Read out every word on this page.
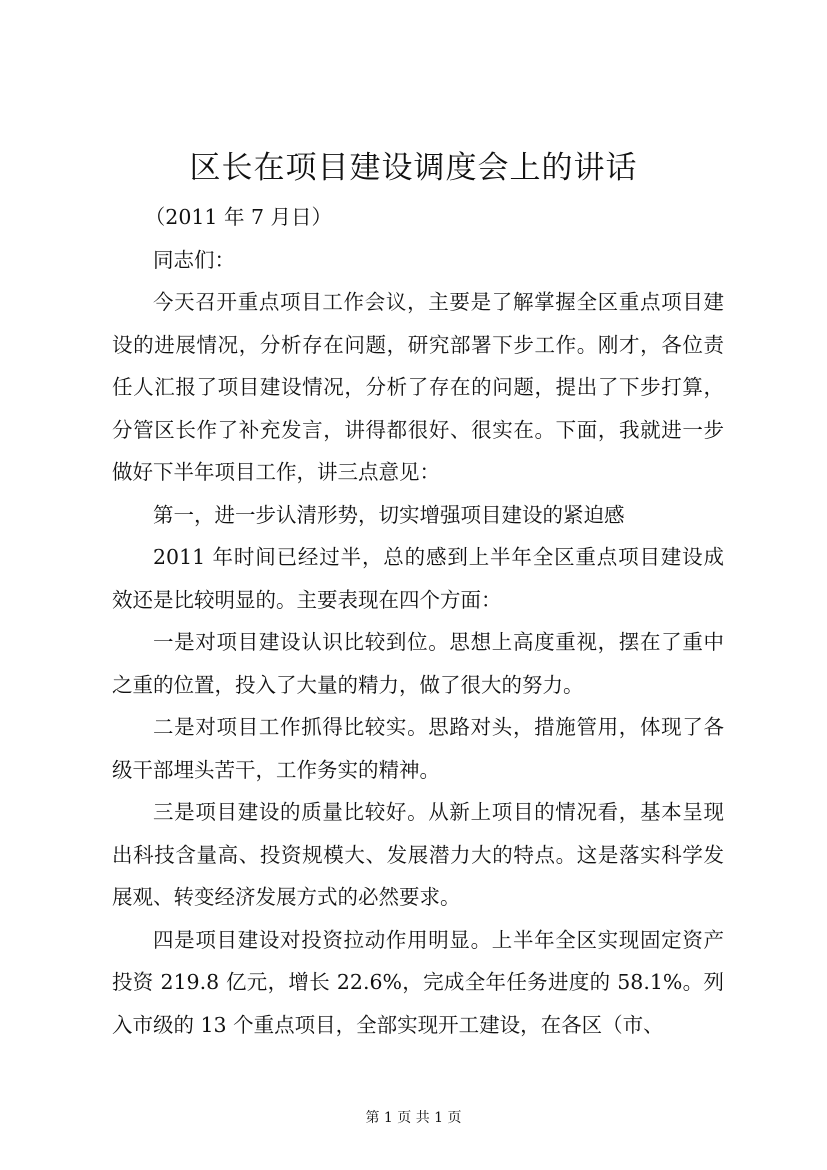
区长在项目建设调度会上的讲话

（2011 年 7 月日）

同志们：

今天召开重点项目工作会议，主要是了解掌握全区重点项目建设的进展情况，分析存在问题，研究部署下步工作。刚才，各位责任人汇报了项目建设情况，分析了存在的问题，提出了下步打算，分管区长作了补充发言，讲得都很好、很实在。下面，我就进一步做好下半年项目工作，讲三点意见：

第一，进一步认清形势，切实增强项目建设的紧迫感

2011 年时间已经过半，总的感到上半年全区重点项目建设成效还是比较明显的。主要表现在四个方面：

一是对项目建设认识比较到位。思想上高度重视，摆在了重中之重的位置，投入了大量的精力，做了很大的努力。

二是对项目工作抓得比较实。思路对头，措施管用，体现了各级干部埋头苦干，工作务实的精神。

三是项目建设的质量比较好。从新上项目的情况看，基本呈现出科技含量高、投资规模大、发展潜力大的特点。这是落实科学发展观、转变经济发展方式的必然要求。

四是项目建设对投资拉动作用明显。上半年全区实现固定资产投资 219.8 亿元，增长 22.6%，完成全年任务进度的 58.1%。列入市级的 13 个重点项目，全部实现开工建设，在各区（市、

第 1 页 共 1 页
